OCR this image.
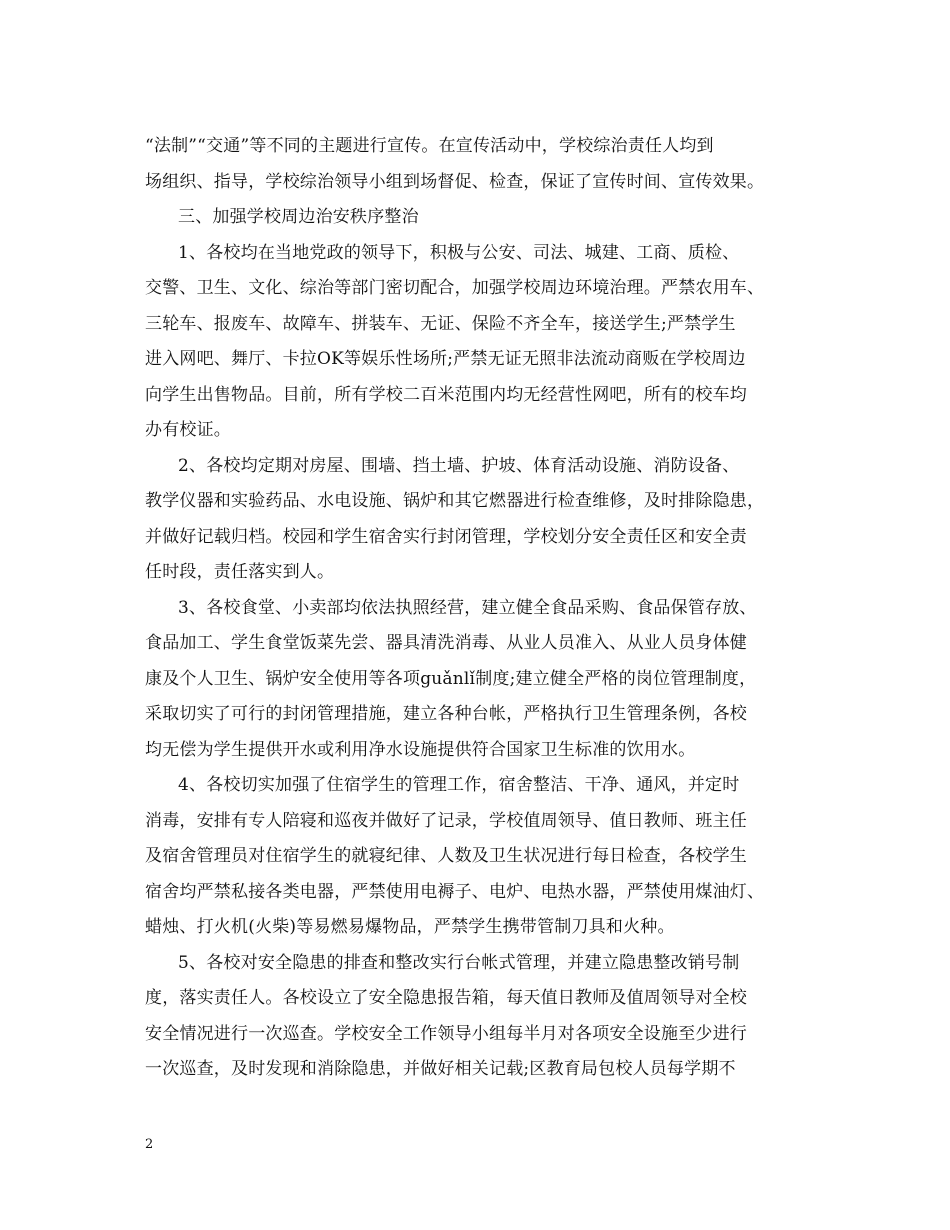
“法制”“交通”等不同的主题进行宣传。在宣传活动中，学校综治责任人均到
场组织、指导，学校综治领导小组到场督促、检查，保证了宣传时间、宣传效果。
三、加强学校周边治安秩序整治
1、各校均在当地党政的领导下，积极与公安、司法、城建、工商、质检、
交警、卫生、文化、综治等部门密切配合，加强学校周边环境治理。严禁农用车、
三轮车、报废车、故障车、拼装车、无证、保险不齐全车，接送学生;严禁学生
进入网吧、舞厅、卡拉OK等娱乐性场所;严禁无证无照非法流动商贩在学校周边
向学生出售物品。目前，所有学校二百米范围内均无经营性网吧，所有的校车均
办有校证。
2、各校均定期对房屋、围墙、挡土墙、护坡、体育活动设施、消防设备、
教学仪器和实验药品、水电设施、锅炉和其它燃器进行检查维修，及时排除隐患，
并做好记载归档。校园和学生宿舍实行封闭管理，学校划分安全责任区和安全责
任时段，责任落实到人。
3、各校食堂、小卖部均依法执照经营，建立健全食品采购、食品保管存放、
食品加工、学生食堂饭菜先尝、器具清洗消毒、从业人员准入、从业人员身体健
康及个人卫生、锅炉安全使用等各项guǎnlǐ制度;建立健全严格的岗位管理制度，
采取切实了可行的封闭管理措施，建立各种台帐，严格执行卫生管理条例，各校
均无偿为学生提供开水或利用净水设施提供符合国家卫生标准的饮用水。
4、各校切实加强了住宿学生的管理工作，宿舍整洁、干净、通风，并定时
消毒，安排有专人陪寝和巡夜并做好了记录，学校值周领导、值日教师、班主任
及宿舍管理员对住宿学生的就寝纪律、人数及卫生状况进行每日检查，各校学生
宿舍均严禁私接各类电器，严禁使用电褥子、电炉、电热水器，严禁使用煤油灯、
蜡烛、打火机(火柴)等易燃易爆物品，严禁学生携带管制刀具和火种。
5、各校对安全隐患的排查和整改实行台帐式管理，并建立隐患整改销号制
度，落实责任人。各校设立了安全隐患报告箱，每天值日教师及值周领导对全校
安全情况进行一次巡查。学校安全工作领导小组每半月对各项安全设施至少进行
一次巡查，及时发现和消除隐患，并做好相关记载;区教育局包校人员每学期不
2
